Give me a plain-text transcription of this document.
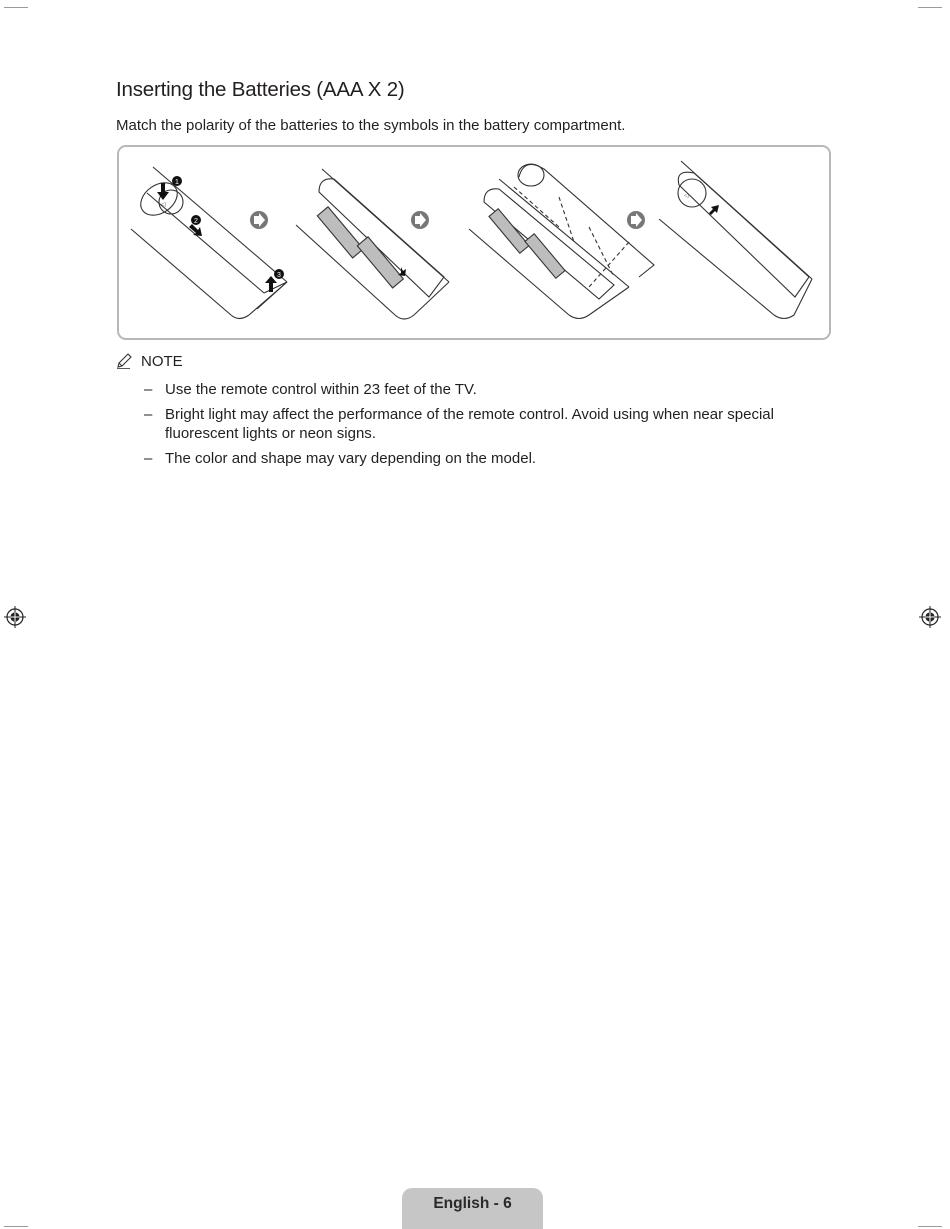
Inserting the Batteries (AAA X 2)

Match the polarity of the batteries to the symbols in the battery compartment.

◁
1
2
3
◁
NOTE
– Use the remote control within 23 feet of the TV.
– Bright light may affect the performance of the remote control. Avoid using when near special fluorescent lights or neon signs.
– The color and shape may vary depending on the model.
English - 6
